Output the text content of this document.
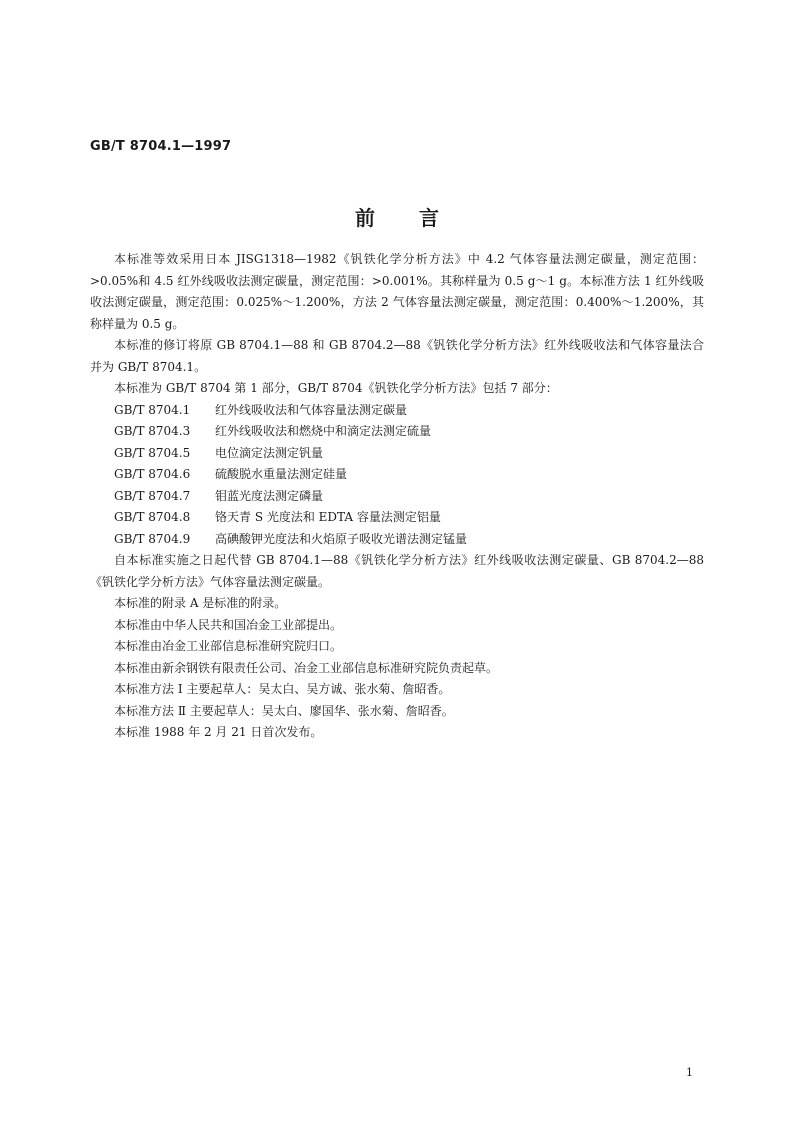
GB/T 8704.1—1997
前言

本标准等效采用日本 JISG1318—1982《钒铁化学分析方法》中 4.2 气体容量法测定碳量，测定范围：>0.05%和 4.5 红外线吸收法测定碳量，测定范围：>0.001%。其称样量为 0.5 g～1 g。本标准方法 1 红外线吸收法测定碳量，测定范围：0.025%～1.200%，方法 2 气体容量法测定碳量，测定范围：0.400%～1.200%，其称样量为 0.5 g。

本标准的修订将原 GB 8704.1—88 和 GB 8704.2—88《钒铁化学分析方法》红外线吸收法和气体容量法合并为 GB/T 8704.1。

本标准为 GB/T 8704 第 1 部分，GB/T 8704《钒铁化学分析方法》包括 7 部分：

GB/T 8704.1 红外线吸收法和气体容量法测定碳量
GB/T 8704.3 红外线吸收法和燃烧中和滴定法测定硫量
GB/T 8704.5 电位滴定法测定钒量
GB/T 8704.6 硫酸脱水重量法测定硅量
GB/T 8704.7 钼蓝光度法测定磷量
GB/T 8704.8 铬天青 S 光度法和 EDTA 容量法测定铝量
GB/T 8704.9 高碘酸钾光度法和火焰原子吸收光谱法测定锰量

自本标准实施之日起代替 GB 8704.1—88《钒铁化学分析方法》红外线吸收法测定碳量、GB 8704.2—88《钒铁化学分析方法》气体容量法测定碳量。

本标准的附录 A 是标准的附录。

本标准由中华人民共和国冶金工业部提出。

本标准由冶金工业部信息标准研究院归口。

本标准由新余钢铁有限责任公司、冶金工业部信息标准研究院负责起草。

本标准方法 Ⅰ 主要起草人：吴太白、吴方诚、张水菊、詹昭香。

本标准方法 Ⅱ 主要起草人：吴太白、廖国华、张水菊、詹昭香。

本标准 1988 年 2 月 21 日首次发布。

1
